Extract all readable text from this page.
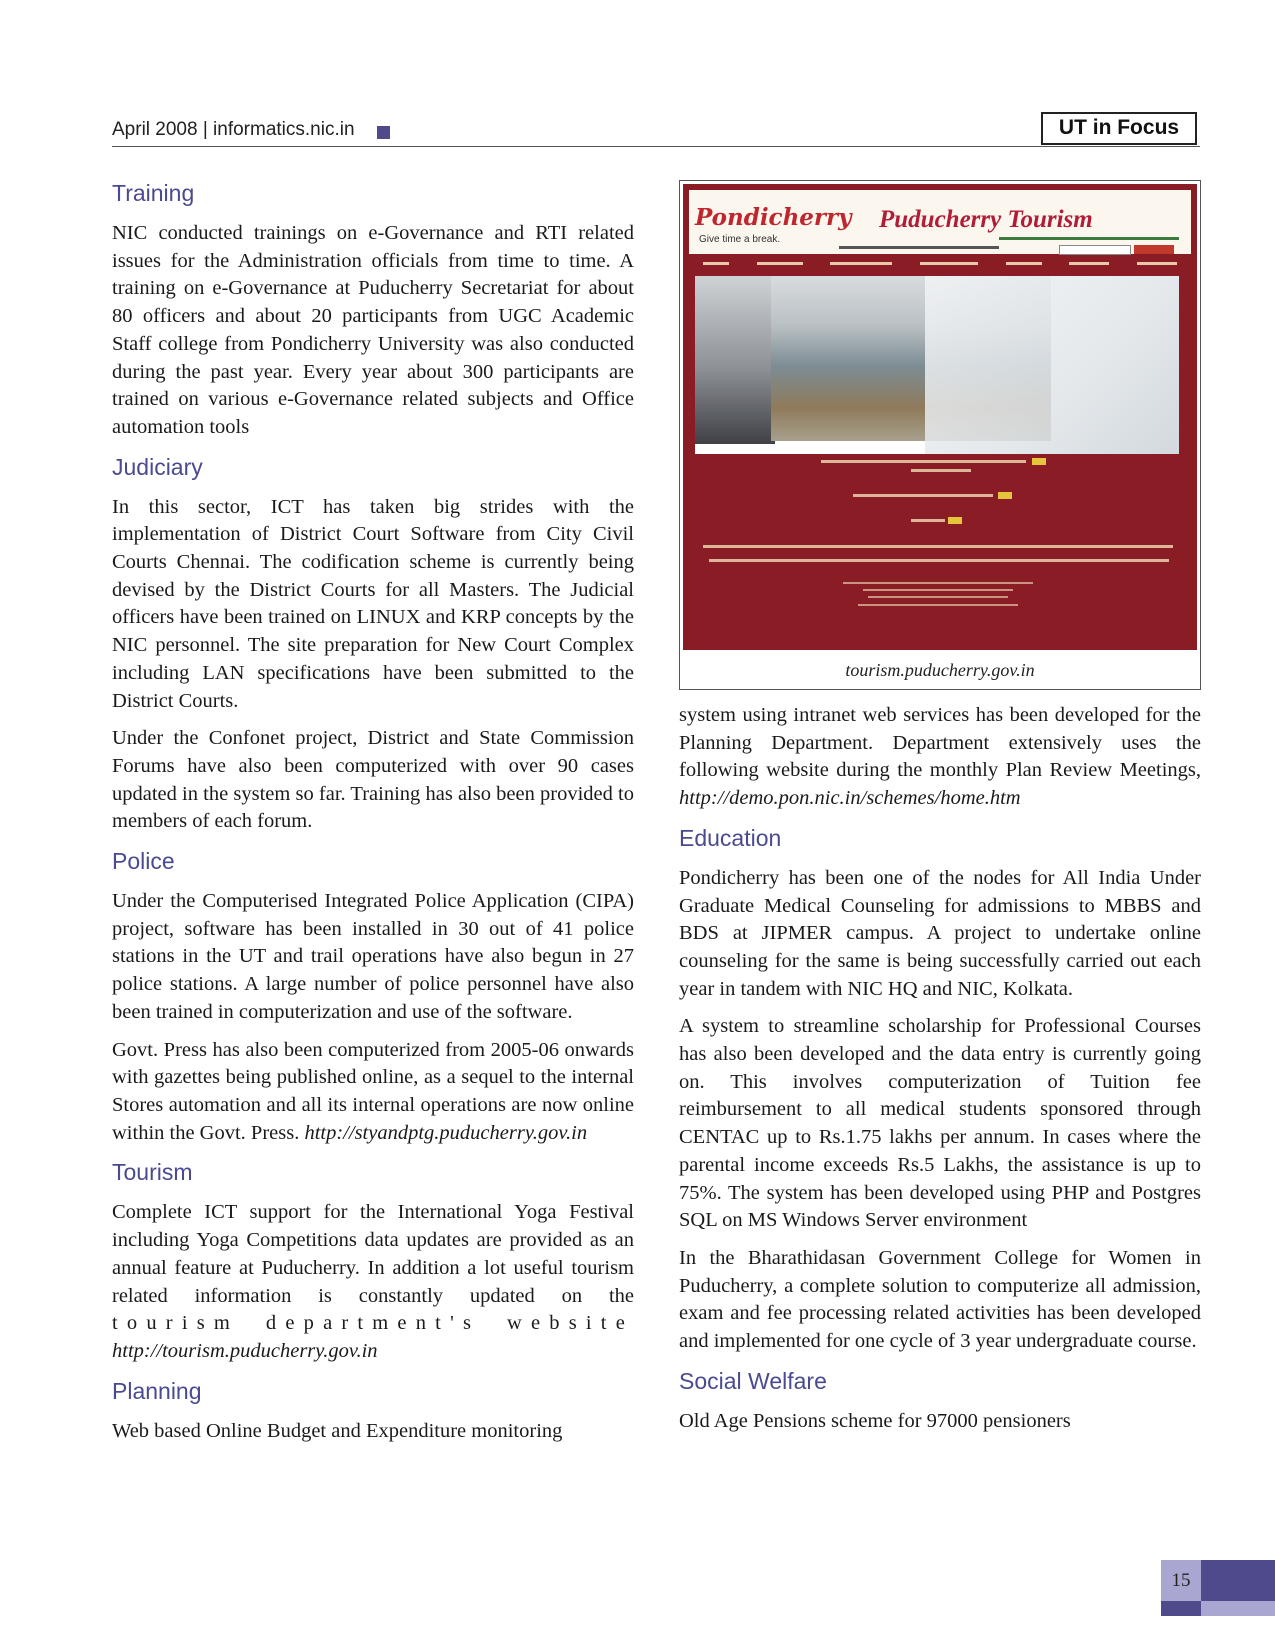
April 2008 | informatics.nic.in	UT in Focus
Training

NIC conducted trainings on e-Governance and RTI related issues for the Administration officials from time to time. A training on e-Governance at Puducherry Secretariat for about 80 officers and about 20 participants from UGC Academic Staff college from Pondicherry University was also conducted during the past year. Every year about 300 participants are trained on various e-Governance related subjects and Office automation tools

Judiciary

In this sector, ICT has taken big strides with the implementation of District Court Software from City Civil Courts Chennai. The codification scheme is currently being devised by the District Courts for all Masters. The Judicial officers have been trained on LINUX and KRP concepts by the NIC personnel. The site preparation for New Court Complex including LAN specifications have been submitted to the District Courts.

Under the Confonet project, District and State Commission Forums have also been computerized with over 90 cases updated in the system so far. Training has also been provided to members of each forum.

Police

Under the Computerised Integrated Police Application (CIPA) project, software has been installed in 30 out of 41 police stations in the UT and trail operations have also begun in 27 police stations. A large number of police personnel have also been trained in computerization and use of the software.

Govt. Press has also been computerized from 2005-06 onwards with gazettes being published online, as a sequel to the internal Stores automation and all its internal operations are now online within the Govt. Press. http://styandptg.puducherry.gov.in

Tourism

Complete ICT support for the International Yoga Festival including Yoga Competitions data updates are provided as an annual feature at Puducherry. In addition a lot useful tourism related information is constantly updated on the tourism department's website http://tourism.puducherry.gov.in

Planning

Web based Online Budget and Expenditure monitoring

Pondicherry
Give time a break.
Puducherry Tourism
tourism.puducherry.gov.in

system using intranet web services has been developed for the Planning Department. Department extensively uses the following website during the monthly Plan Review Meetings, http://demo.pon.nic.in/schemes/home.htm

Education

Pondicherry has been one of the nodes for All India Under Graduate Medical Counseling for admissions to MBBS and BDS at JIPMER campus. A project to undertake online counseling for the same is being successfully carried out each year in tandem with NIC HQ and NIC, Kolkata.

A system to streamline scholarship for Professional Courses has also been developed and the data entry is currently going on. This involves computerization of Tuition fee reimbursement to all medical students sponsored through CENTAC up to Rs.1.75 lakhs per annum. In cases where the parental income exceeds Rs.5 Lakhs, the assistance is up to 75%. The system has been developed using PHP and Postgres SQL on MS Windows Server environment

In the Bharathidasan Government College for Women in Puducherry, a complete solution to computerize all admission, exam and fee processing related activities has been developed and implemented for one cycle of 3 year undergraduate course.

Social Welfare

Old Age Pensions scheme for 97000 pensioners

15
